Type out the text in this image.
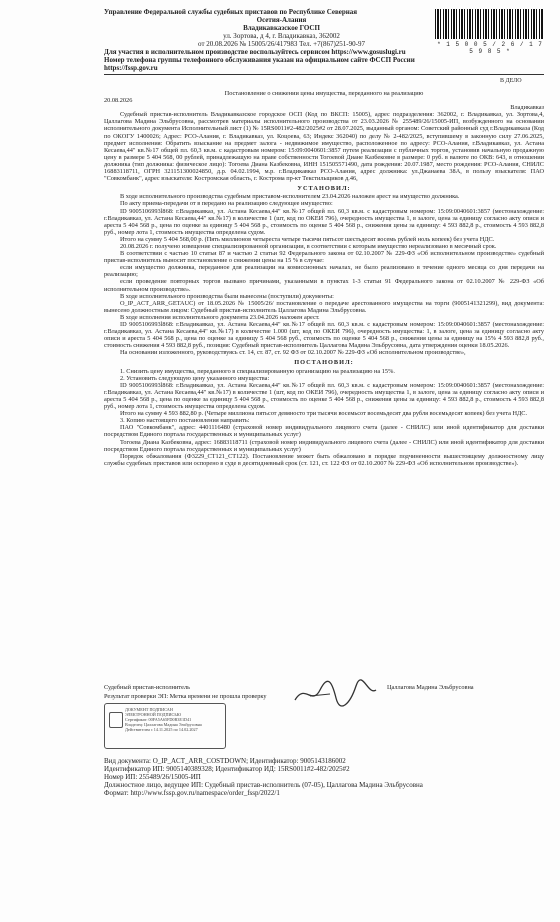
Управление Федеральной службы судебных приставов по Республике Северная
Осетия-Алания
Владикавказское ГОСП
ул. Зортова, д 4, г. Владикавказ, 362002
от 20.08.2026 № 15005/26/417983 Тел. +7(867)251-90-97
Для участия в исполнительном производстве воспользуйтесь сервисом https://www.gosuslugi.ru
Номер телефона группы телефонного обслуживания указан на официальном сайте ФССП России https://fssp.gov.ru
* 1 5 0 0 5 / 2 6 / 1 7 5 9 8 5 *
В ДЕЛО

Постановление о снижении цены имущества, переданного на реализацию

20.08.2026

Владикавказ

Судебный пристав-исполнитель Владикавказское городское ОСП (Код по ВКСП: 15005), адрес подразделения: 362002, г. Владикавказ, ул. Зортова,4, Цаллагова Мадина Эльбрусовна, рассмотрев материалы исполнительного производства от 23.03.2026 № 255489/26/15005-ИП, возбужденного на основании исполнительного документа Исполнительный лист (1) № 15RS0011#2-482/2025#2 от 28.07.2025, выданный органом: Советский районный суд г.Владикавказа (Код по ОКОГУ 1400026; Адрес: РСО-Алания, г. Владикавказ, ул. Коцоева, 63; Индекс 362040) по делу № 2-482/2025, вступившему в законную силу 27.06.2025, предмет исполнения: Обратить взыскание на предмет залога - недвижимое имущество, расположенное по адресу: РСО-Алания, г.Владикавказ, ул. Астана Кесаева,44" кв.№17 общей пл. 60,3 кв.м. с кадастровым номером: 15:09:0040601:3857 путем реализации с публичных торгов, установив начальную продажную цену в размере 5 404 568, 00 рублей, принадлежащую на праве собственности Тогоевой Диане Казбековне в размере: 0 руб. в валюте по ОКВ: 643, в отношении должника (тип должника: физическое лицо): Тогоева Диана Казбековна, ИНН 151505571490, дата рождения: 20.07.1987, место рождения: РСО-Алания, СНИЛС 16883118711, ОГРН 321151300024850, д.р. 04.02.1994, м.р. г.Владикавказ РСО-Алания, адрес должника: ул.Джанаева 38А, в пользу взыскателя: ПАО "Совкомбанк", адрес взыскателя: Костромская область, г. Кострома пр-кт Текстильщиков д.46,

УСТАНОВИЛ:

В ходе исполнительного производства судебным приставом-исполнителем 23.04.2026 наложен арест на имущество должника.

По акту приема-передачи от в передано на реализацию следующее имущество:

ID 9005106993l868: г.Владикавказ, ул. Астана Кесаева,44" кв.№17 общей пл. 60,3 кв.м. с кадастровым номером: 15:09:0040601:3857 (местонахождение: г.Владикавказ, ул. Астана Кесаева,44" кв.№17) в количестве 1 (шт, код по ОКЕИ 796), очередность имущества 1, в залоге, цена за единицу согласно акту описи и ареста 5 404 568 р., цена по оценке за единицу 5 404 568 р., стоимость по оценке 5 404 568 р., снижения цены за единицу: 4 593 882,8 р., стоимость 4 593 882,8 руб., номер лота 1, стоимость имущества определена судом.

Итого на сумму 5 404 568,00 р. (Пять миллионов четыреста четыре тысячи пятьсот шестьдесят восемь рублей ноль копеек) без учета НДС.

20.08.2026 г. получено извещение специализированной организации, в соответствии с которым имущество нереализовано в месячный срок.

В соответствии с частью 10 статьи 87 и частью 2 статьи 92 Федерального закона от 02.10.2007 № 229-ФЗ «Об исполнительном производстве» судебный пристав-исполнитель выносит постановление о снижении цены на 15 % в случае:

если имущество должника, переданное для реализации на комиссионных началах, не было реализовано в течение одного месяца со дня передачи на реализацию;

если проведение повторных торгов вызвано причинами, указанными в пунктах 1-3 статьи 91 Федерального закона от 02.10.2007 № 229-ФЗ «Об исполнительном производстве».

В ходе исполнительного производства были вынесены (поступили) документы:

О_IP_ACT_ARR_GETAUC) от 18.05.2026 № 15005/26/ постановление о передаче арестованного имущества на торги (9005141321299), вид документа: вынесено должностным лицом: Судебный пристав-исполнитель Цаллагова Мадина Эльбрусовна.

В ходе исполнения исполнительного документа 23.04.2026 наложен арест.

ID 9005106993l868: г.Владикавказ, ул. Астана Кесаева,44" кв.№17 общей пл. 60,3 кв.м. с кадастровым номером: 15:09:0040601:3857 (местонахождение: г.Владикавказ, ул. Астана Кесаева,44" кв.№17) в количестве 1.000 (шт, код по ОКЕИ 796), очередность имущества: 1, в залоге, цена за единицу согласно акту описи и ареста 5 404 568 р., цена по оценке за единицу 5 404 568 руб., стоимость по оценке 5 404 568 р., снижения цены за единицу на 15% 4 593 882,8 руб., стоимость снижения 4 593 882,8 руб., позиция: Судебный пристав-исполнитель Цаллагова Мадина Эльбрусовна, дата утверждения оценки 18.05.2026.

На основании изложенного, руководствуясь ст. 14, ст. 87, ст. 92 ФЗ от 02.10.2007 № 229-ФЗ «Об исполнительном производстве»,

ПОСТАНОВИЛ:

1. Снизить цену имущества, переданного в специализированную организацию на реализацию на 15%.

2. Установить следующую цену указанного имущества:

ID 9005106993l868: г.Владикавказ, ул. Астана Кесаева,44" кв.№17 общей пл. 60,3 кв.м. с кадастровым номером: 15:09:0040601:3857 (местонахождение: г.Владикавказ, ул. Астана Кесаева,44" кв.№17) в количестве 1 (шт, код по ОКЕИ 796), очередность имущества 1, в залоге, цена за единицу согласно акту описи и ареста 5 404 568 р., цена по оценке за единицу 5 404 568 р., стоимость по оценке 5 404 568 р., снижения цены за единицу: 4 593 882,8 р., стоимость 4 593 882,8 руб., номер лота 1, стоимость имущества определена судом.

Итого на сумму 4 593 882,80 р. (Четыре миллиона пятьсот девяносто три тысячи восемьсот восемьдесят два рубля восемьдесят копеек) без учета НДС.

3. Копию настоящего постановления направить:

ПАО "Совкомбанк", адрес: 4401116480 (страховой номер индивидуального лицевого счета (далее - СНИЛС) или иной идентификатор для доставки посредством Единого портала государственных и муниципальных услуг)

Тогоева Диана Казбековна, адрес: 16883118711 (страховой номер индивидуального лицевого счета (далее - СНИЛС) или иной идентификатор для доставки посредством Единого портала государственных и муниципальных услуг)

Порядок обжалования (Ф3229_СТ121_СТ122). Постановление может быть обжаловано в порядке подчиненности вышестоящему должностному лицу службы судебных приставов или оспорено в суде в десятидневный срок (ст. 121, ст. 122 ФЗ от 02.10.2007 № 229-ФЗ «Об исполнительном производстве»).

Судебный пристав-исполнитель	Цаллагова Мадина Эльбрусовна
Результат проверки ЭП: Метка времени не прошла проверку
ДОКУМЕНТ ПОДПИСАН
ЭЛЕКТРОННОЙ ПОДПИСЬЮ
Сертификат: 00FA5A65FD0B3E1D41
Владелец: Цаллагова Мадина Эльбрусовна
Действителен с 14.11.2025 по 14.02.2027
Вид документа: O_IP_ACT_ARR_COSTDOWN; Идентификатор: 9005143186002
Идентификатор ИП: 9005140389328; Идентификатор ИД: 15RS0011#2-482/2025#2
Номер ИП: 255489/26/15005-ИП
Должностное лицо, ведущее ИП: Судебный пристав-исполнитель (07-05), Цаллагова Мадина Эльбрусовна
Формат: http://www.fssp.gov.ru/namespace/order_fssp/2022/1
